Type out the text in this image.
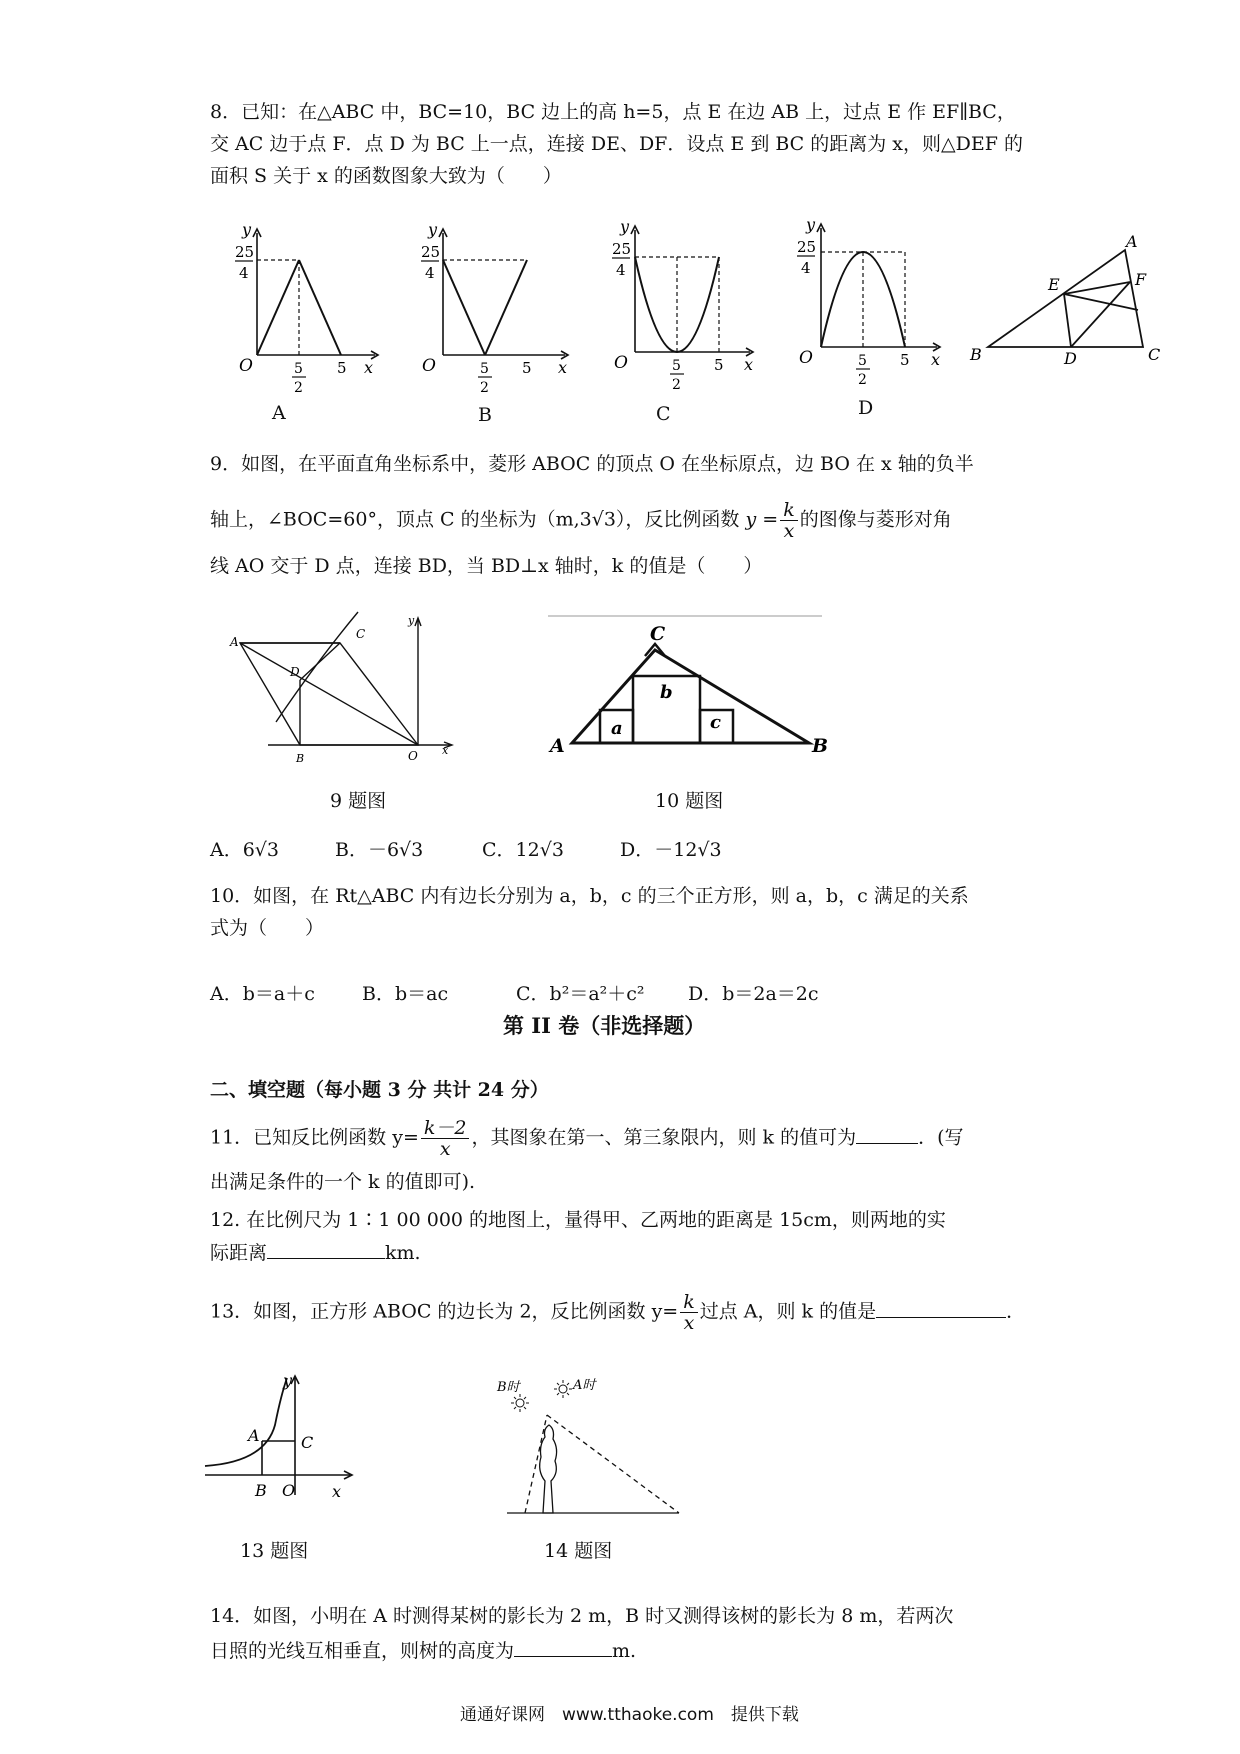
8．已知：在△ABC 中，BC=10，BC 边上的高 h=5，点 E 在边 AB 上，过点 E 作 EF∥BC，
交 AC 边于点 F．点 D 为 BC 上一点，连接 DE、DF．设点 E 到 BC 的距离为 x，则△DEF 的
面积 S 关于 x 的函数图象大致为（　　）
y
25
4
O	5
2
5 x
A
y
25
4
O	5
2
5 x
B
y
25
4
O	5
2
5 x
C
y
25
4
O	5
2
5 x
D
A
B	C
D
E	F
9．如图，在平面直角坐标系中，菱形 ABOC 的顶点 O 在坐标原点，边 BO 在 x 轴的负半
轴上，∠BOC=60°，顶点 C 的坐标为（m,3√3），反比例函数 $y = \frac{k}{x}$ 的图像与菱形对角
线 AO 交于 D 点，连接 BD，当 BD⊥x 轴时，k 的值是（　　）
A
C
D
B	O x
y
9 题图
C
A	B
a
b
c
10 题图
A．6√3	B．－6√3	C．12√3	D．－12√3
10．如图，在 Rt△ABC 内有边长分别为 a，b，c 的三个正方形，则 a，b，c 满足的关系
式为（　　）
A．b＝a＋c B．b＝ac	C．b²＝a²＋c² D．b＝2a＝2c
第 II 卷（非选择题）
二、填空题（每小题 3 分 共计 24 分）
11．已知反比例函数 $y= \frac{k-2}{x}$ ，其图象在第一、第三象限内，则 k 的值可为	．(写
出满足条件的一个 k 的值即可).
12. 在比例尺为 1∶1 00 000 的地图上，量得甲、乙两地的距离是 15cm，则两地的实
际距离	km.
13．如图，正方形 ABOC 的边长为 2，反比例函数 $y= \frac{k}{x}$ 过点 A，则 k 的值是	．
y
A	C
B O x
13 题图
B时	A时
14 题图
14．如图，小明在 A 时测得某树的影长为 2 m，B 时又测得该树的影长为 8 m，若两次
日照的光线互相垂直，则树的高度为	m.
通通好课网　www.tthaoke.com　提供下载
